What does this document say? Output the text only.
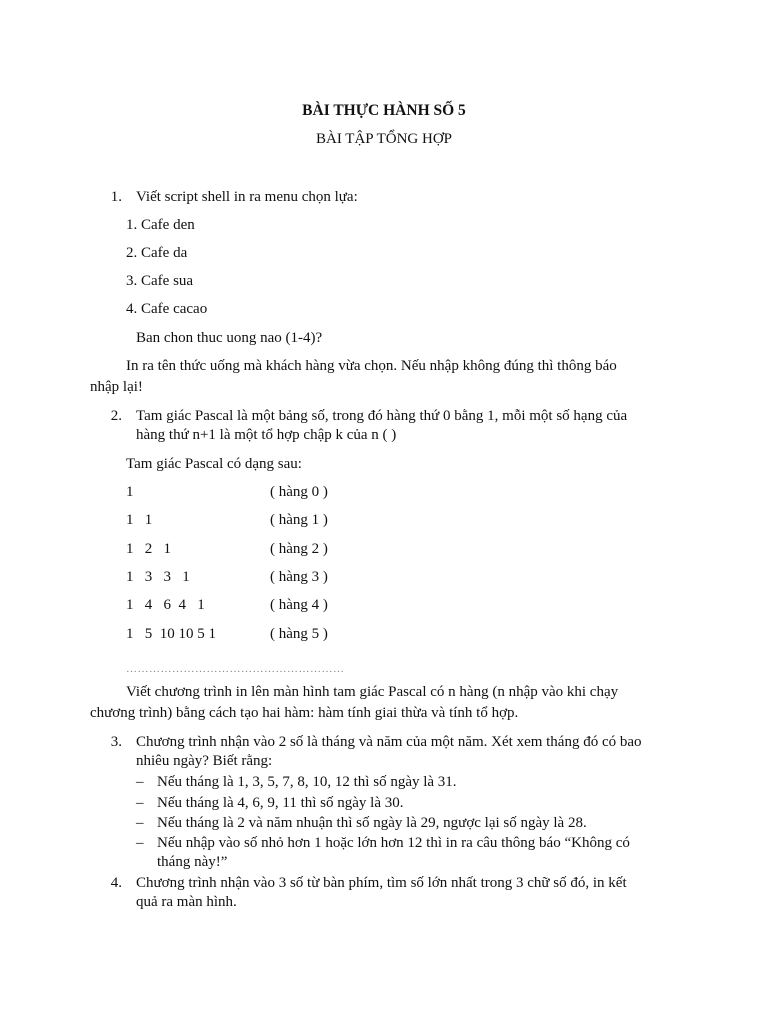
BÀI THỰC HÀNH SỐ 5
BÀI TẬP TỔNG HỢP
1. Viết script shell in ra menu chọn lựa:
1. Cafe den
2. Cafe da
3. Cafe sua
4. Cafe cacao
Ban chon thuc uong nao (1-4)?
In ra tên thức uống mà khách hàng vừa chọn. Nếu nhập không đúng thì thông báo
nhập lại!
2. Tam giác Pascal là một bảng số, trong đó hàng thứ 0 bằng 1, mỗi một số hạng của
hàng thứ n+1 là một tổ hợp chập k của n ( )
Tam giác Pascal có dạng sau:
1	( hàng 0 )
1   1	( hàng 1 )
1   2   1	( hàng 2 )
1   3   3   1	( hàng 3 )
1   4   6  4   1	( hàng 4 )
1   5  10 10 5 1	( hàng 5 )
…………………………………………………
Viết chương trình in lên màn hình tam giác Pascal có n hàng (n nhập vào khi chạy
chương trình) bằng cách tạo hai hàm: hàm tính giai thừa và tính tổ hợp.
3. Chương trình nhận vào 2 số là tháng và năm của một năm. Xét xem tháng đó có bao
nhiêu ngày? Biết rằng:
– Nếu tháng là 1, 3, 5, 7, 8, 10, 12 thì số ngày là 31.
– Nếu tháng là 4, 6, 9, 11 thì số ngày là 30.
– Nếu tháng là 2 và năm nhuận thì số ngày là 29, ngược lại số ngày là 28.
– Nếu nhập vào số nhỏ hơn 1 hoặc lớn hơn 12 thì in ra câu thông báo “Không có
tháng này!”
4. Chương trình nhận vào 3 số từ bàn phím, tìm số lớn nhất trong 3 chữ số đó, in kết
quả ra màn hình.
